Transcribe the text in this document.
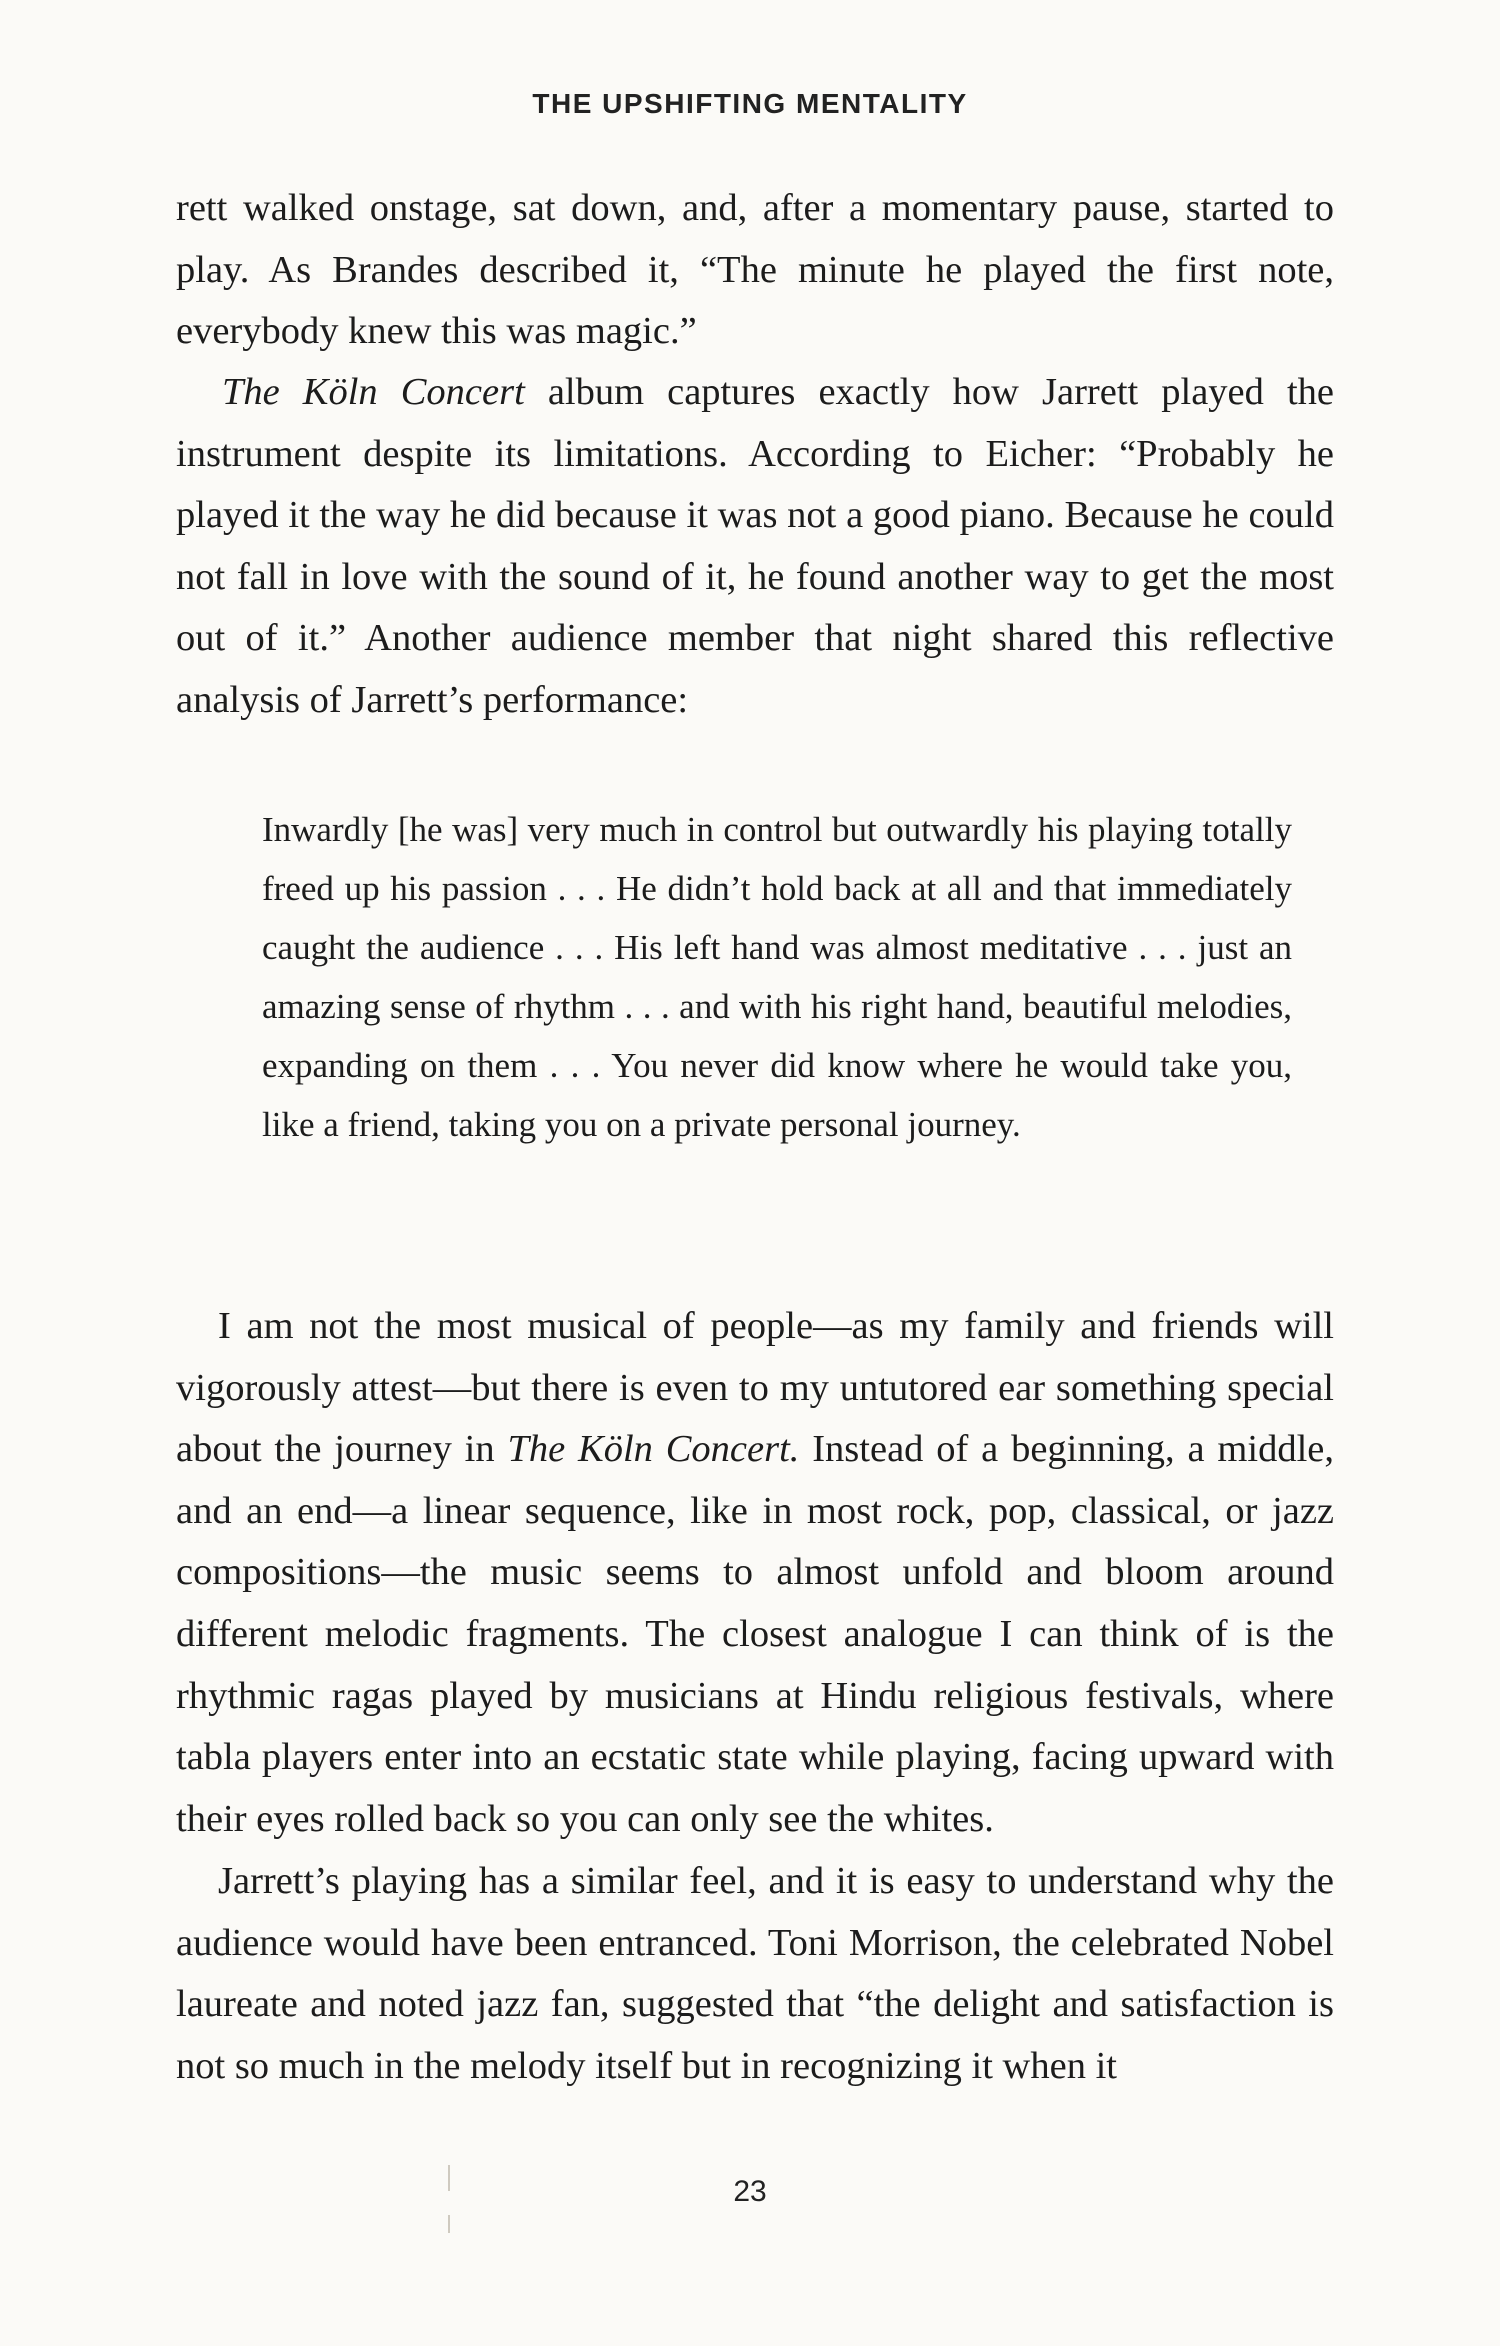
THE UPSHIFTING MENTALITY

rett walked onstage, sat down, and, after a momentary pause, started to play. As Brandes described it, “The minute he played the first note, everybody knew this was magic.”

The Köln Concert album captures exactly how Jarrett played the instrument despite its limitations. According to Eicher: “Probably he played it the way he did because it was not a good piano. Because he could not fall in love with the sound of it, he found another way to get the most out of it.” Another audience member that night shared this reflective analysis of Jarrett’s performance:

Inwardly [he was] very much in control but outwardly his playing totally freed up his passion . . . He didn’t hold back at all and that immediately caught the audience . . . His left hand was almost meditative . . . just an amazing sense of rhythm . . . and with his right hand, beautiful melodies, expanding on them . . . You never did know where he would take you, like a friend, taking you on a private personal journey.

I am not the most musical of people—as my family and friends will vigorously attest—but there is even to my untutored ear something special about the journey in The Köln Concert. Instead of a beginning, a middle, and an end—a linear sequence, like in most rock, pop, classical, or jazz compositions—the music seems to almost unfold and bloom around different melodic fragments. The closest analogue I can think of is the rhythmic ragas played by musicians at Hindu religious festivals, where tabla players enter into an ecstatic state while playing, facing upward with their eyes rolled back so you can only see the whites.

Jarrett’s playing has a similar feel, and it is easy to understand why the audience would have been entranced. Toni Morrison, the celebrated Nobel laureate and noted jazz fan, suggested that “the delight and satisfaction is not so much in the melody itself but in recognizing it when it

23
